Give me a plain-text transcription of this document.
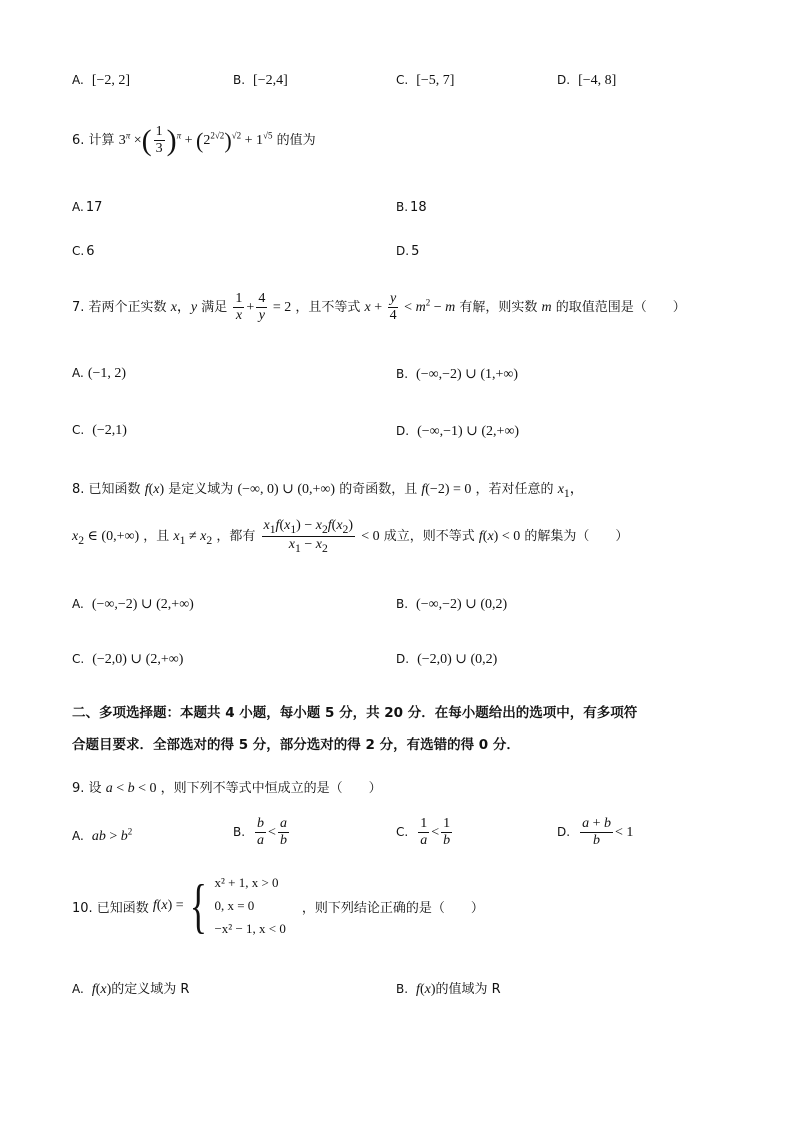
A. [−2, 2]	B. [−2,4]	C. [−5, 7]	D. [−4, 8]
6. 计算 $3^\pi$ ×( $\frac{1}{3} )^\pi + (2^{2√2})^{√2} + 1^{√5}$ 的值为
A. 17	B. 18
C. 6	D. 5
7. 若两个正实数 x，y 满足 $\frac{1}{x} + \frac{4}{y} = 2$ ，且不等式 $x + \frac{y}{4} < m^2 - m$ 有解，则实数 m 的取值范围是（　　）
A. (−1, 2)	B. (−∞,−2) ∪ (1,+∞)
C. (−2,1)	D. (−∞,−1) ∪ (2,+∞)
8. 已知函数 f(x) 是定义域为 (−∞, 0) ∪ (0,+∞) 的奇函数，且 f(−2) = 0 ，若对任意的 $x_1$，
$x_2$ ∈ (0,+∞) ，且 $x_1 \ne x_2$ ，都有 $\frac{x_1f(x_1) - x_2f(x_2)}{x_1 - x_2} < 0$ 成立，则不等式 f(x) < 0 的解集为（　　）
A. (−∞,−2) ∪ (2,+∞)	B. (−∞,−2) ∪ (0,2)
C. (−2,0) ∪ (2,+∞)	D. (−2,0) ∪ (0,2)
二、多项选择题：本题共 4 小题，每小题 5 分，共 20 分．在每小题给出的选项中，有多项符
合题目要求．全部选对的得 5 分，部分选对的得 2 分，有选错的得 0 分．
9. 设 a < b < 0 ，则下列不等式中恒成立的是（　　）
A. ab > $b^2$	B. $\frac{b}{a} < \frac{a}{b}$	C. $\frac{1}{a} < \frac{1}{b}$	D. $\frac{a + b}{b} < 1$
10. 已知函数 f(x) = { x² + 1, x > 0
0, x = 0
−x² − 1, x < 0
，则下列结论正确的是（　　）
A. f(x)的定义域为 R	B. f(x)的值域为 R
